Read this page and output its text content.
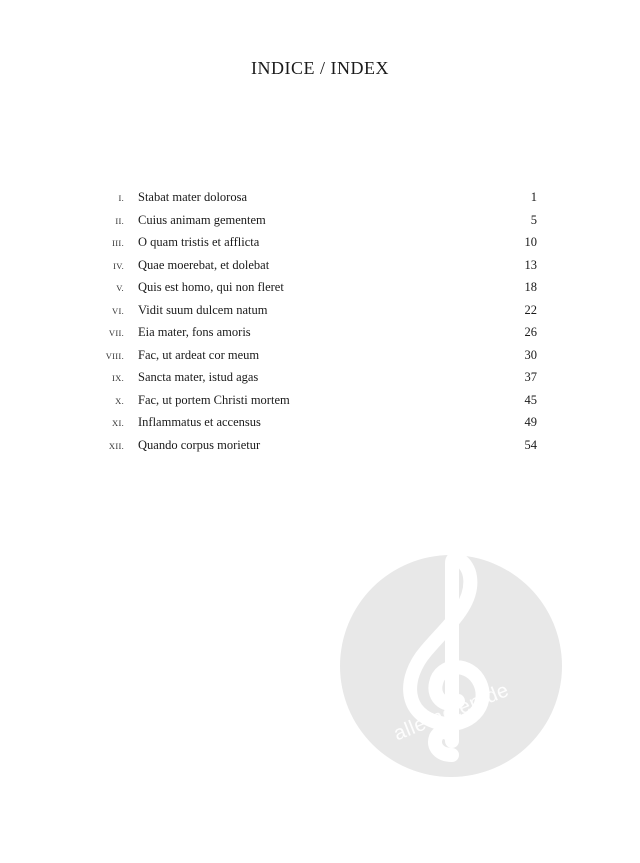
INDICE / INDEX
I. Stabat mater dolorosa	1
II. Cuius animam gementem	5
III. O quam tristis et afflicta	10
IV. Quae moerebat, et dolebat	13
V. Quis est homo, qui non fleret	18
VI. Vidit suum dulcem natum	22
VII. Eia mater, fons amoris	26
VIII. Fac, ut ardeat cor meum	30
IX. Sancta mater, istud agas	37
X. Fac, ut portem Christi mortem	45
XI. Inflammatus et accensus	49
XII. Quando corpus morietur	54
alle-noten.de
